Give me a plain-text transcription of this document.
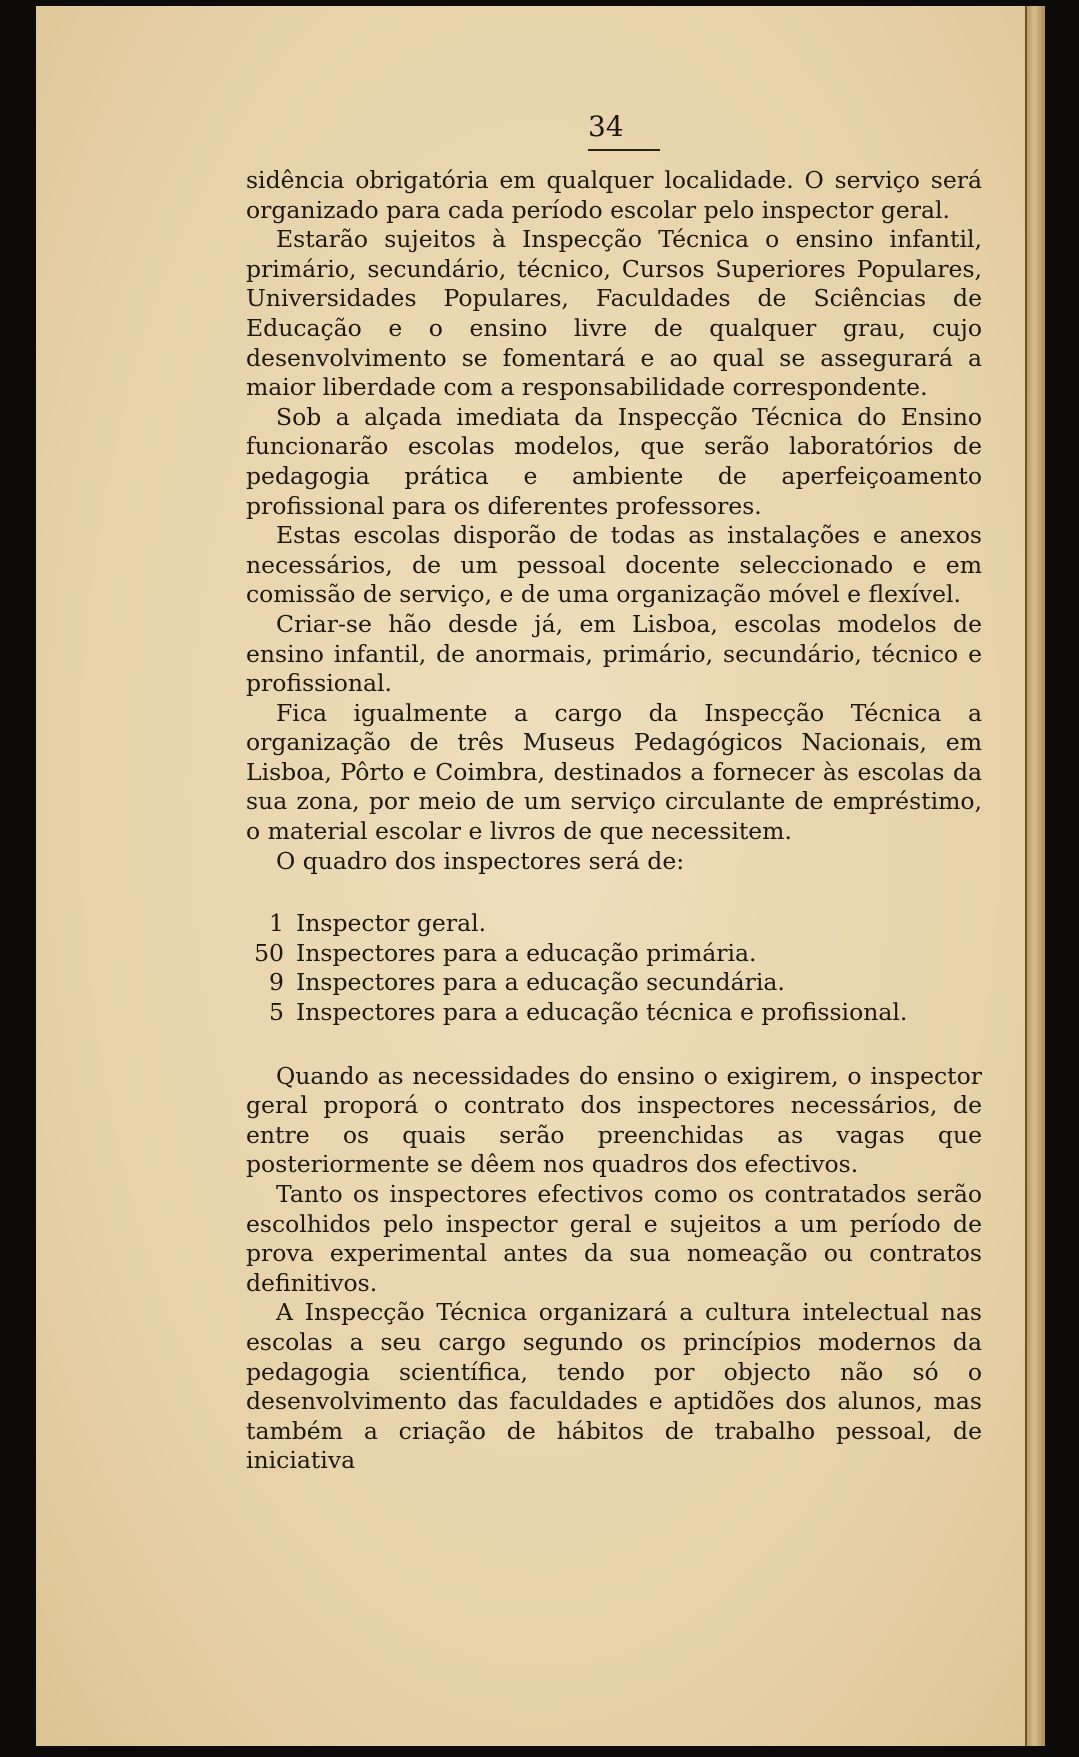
34

sidência obrigatória em qualquer localidade. O serviço será organizado para cada período escolar pelo inspector geral.

Estarão sujeitos à Inspecção Técnica o ensino infantil, primário, secundário, técnico, Cursos Superiores Populares, Universidades Populares, Faculdades de Sciências de Educação e o ensino livre de qualquer grau, cujo desenvolvimento se fomentará e ao qual se assegurará a maior liberdade com a responsabilidade correspondente.

Sob a alçada imediata da Inspecção Técnica do Ensino funcionarão escolas modelos, que serão laboratórios de pedagogia prática e ambiente de aperfeiçoamento profissional para os diferentes professores.

Estas escolas disporão de todas as instalações e anexos necessários, de um pessoal docente seleccionado e em comissão de serviço, e de uma organização móvel e flexível.

Criar-se hão desde já, em Lisboa, escolas modelos de ensino infantil, de anormais, primário, secundário, técnico e profissional.

Fica igualmente a cargo da Inspecção Técnica a organização de três Museus Pedagógicos Nacionais, em Lisboa, Pôrto e Coimbra, destinados a fornecer às escolas da sua zona, por meio de um serviço circulante de empréstimo, o material escolar e livros de que necessitem.

O quadro dos inspectores será de:

1 Inspector geral.
50 Inspectores para a educação primária.
9 Inspectores para a educação secundária.
5 Inspectores para a educação técnica e profissional.

Quando as necessidades do ensino o exigirem, o inspector geral proporá o contrato dos inspectores necessários, de entre os quais serão preenchidas as vagas que posteriormente se dêem nos quadros dos efectivos.

Tanto os inspectores efectivos como os contratados serão escolhidos pelo inspector geral e sujeitos a um período de prova experimental antes da sua nomeação ou contratos definitivos.

A Inspecção Técnica organizará a cultura intelectual nas escolas a seu cargo segundo os princípios modernos da pedagogia scientífica, tendo por objecto não só o desenvolvimento das faculdades e aptidões dos alunos, mas também a criação de hábitos de trabalho pessoal, de iniciativa
